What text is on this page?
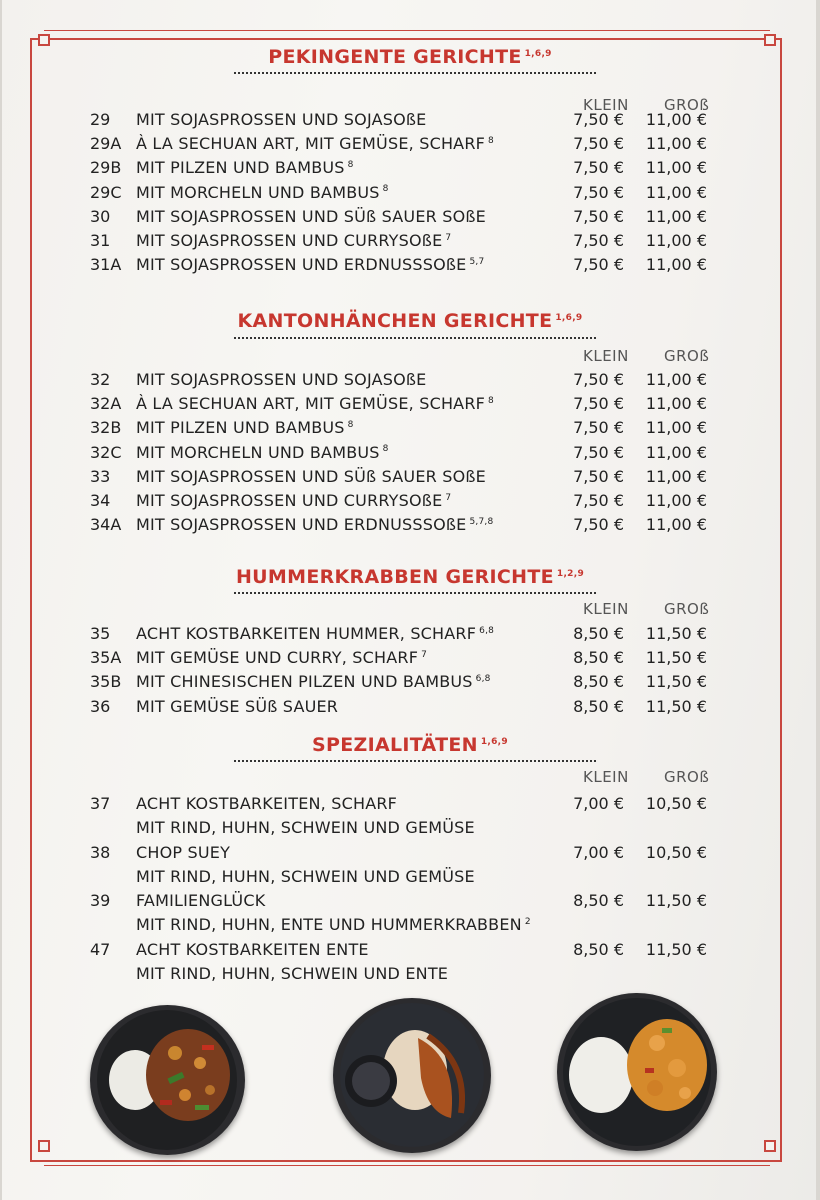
PEKINGENTE GERICHTE $^{1,6,9}$
KLEIN GROß
29 MIT SOJASPROSSEN UND SOJASOßE	7,50 € 11,00 €
29A À LA SECHUAN ART, MIT GEMÜSE, SCHARF $^8$	7,50 € 11,00 €
29B MIT PILZEN UND BAMBUS $^8$	7,50 € 11,00 €
29C MIT MORCHELN UND BAMBUS $^8$	7,50 € 11,00 €
30 MIT SOJASPROSSEN UND SÜß SAUER SOßE	7,50 € 11,00 €
31 MIT SOJASPROSSEN UND CURRYSOßE $^7$	7,50 € 11,00 €
31A MIT SOJASPROSSEN UND ERDNUSSSOßE $^{5,7}$	7,50 € 11,00 €
KANTONHÄNCHEN GERICHTE $^{1,6,9}$
KLEIN GROß
32 MIT SOJASPROSSEN UND SOJASOßE	7,50 € 11,00 €
32A À LA SECHUAN ART, MIT GEMÜSE, SCHARF $^8$	7,50 € 11,00 €
32B MIT PILZEN UND BAMBUS $^8$	7,50 € 11,00 €
32C MIT MORCHELN UND BAMBUS $^8$	7,50 € 11,00 €
33 MIT SOJASPROSSEN UND SÜß SAUER SOßE	7,50 € 11,00 €
34 MIT SOJASPROSSEN UND CURRYSOßE $^7$	7,50 € 11,00 €
34A MIT SOJASPROSSEN UND ERDNUSSSOßE $^{5,7,8}$	7,50 € 11,00 €
HUMMERKRABBEN GERICHTE $^{1,2,9}$
KLEIN GROß
35 ACHT KOSTBARKEITEN HUMMER, SCHARF $^{6,8}$	8,50 € 11,50 €
35A MIT GEMÜSE UND CURRY, SCHARF $^7$	8,50 € 11,50 €
35B MIT CHINESISCHEN PILZEN UND BAMBUS $^{6,8}$	8,50 € 11,50 €
36 MIT GEMÜSE SÜß SAUER	8,50 € 11,50 €
SPEZIALITÄTEN $^{1,6,9}$
KLEIN GROß
37 ACHT KOSTBARKEITEN, SCHARF	7,00 € 10,50 €
MIT RIND, HUHN, SCHWEIN UND GEMÜSE
38 CHOP SUEY	7,00 € 10,50 €
MIT RIND, HUHN, SCHWEIN UND GEMÜSE
39 FAMILIENGLÜCK	8,50 € 11,50 €
MIT RIND, HUHN, ENTE UND HUMMERKRABBEN $^2$
47 ACHT KOSTBARKEITEN ENTE	8,50 € 11,50 €
MIT RIND, HUHN, SCHWEIN UND ENTE
